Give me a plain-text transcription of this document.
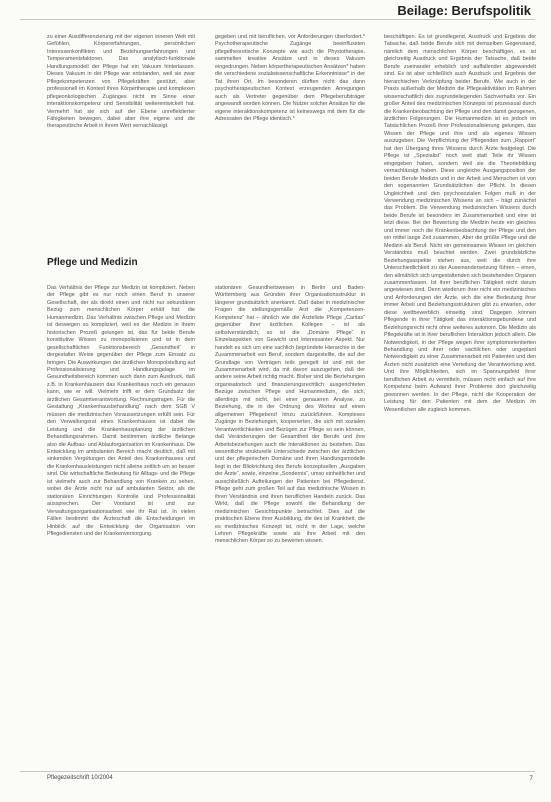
Beilage: Berufspolitik

zu einer Ausdifferenzierung mit der eigenen inneren Welt mit Gefühlen, Körpererfahrungen, persönlichen Interessenkonflikten und Beziehungserfahrungen und Temperamentsfaktoren. Das analytisch-funktionale Handlungsmodell der Pflege hat ein Vakuum hinterlassen. Dieses Vakuum in der Pflege war entstanden, weil sie zwar Pflegekompetenzen von Pflegekräften gestützt, aber professionell im Kontext ihres Körpertherapie und komplexen pflegeonkologischen Zugänges nicht im Sinne einer interaktionskompetenz und Sensibilität weiterentwickelt hat. Vermehrt hat sie sich auf der Ebene unreflektierter Fähigkeiten bewegen, dabei aber ihre eigene und die therapeutische Arbeit in ihrem Wert vernachlässigt.

gegeben und mit beruflichen, vor Anforderungen überfordert.* Psychotherapeutische Zugänge beeinflussten pflegetheoretische Konzepte wie auch die Physiotherapie, sammelten kreative Ansätze und in dieses Vakuum eingedrungen. Neben körpertherapeutischen Ansätzen* haben die verschiedene sozialwissenschaftliche Erkenntnisse* in der Tat ihren Ort. Im besonderen dürften nicht das dann psychotherapeutischen Kontext erzeugenden Anregungen auch als Vertreter gegenüber dem Pflegeberufsträger angewandt worden können. Die Nutzer solcher Ansätze für die eigene interaktionskompetenz ist keineswegs mit dem für die Adressaten der Pflege identisch.*

beschäftigen. Es ist grundlegend, Ausdruck und Ergebnis der Tatsache, daß beide Berufe sich mit demselben Gegenstand, nämlich dem menschlichen Körper beschäftigen, es ist gleichzeitig Ausdruck und Ergebnis der Tatsache, daß beide Berufe zueinander erheblich und auffallender abgewandelt sind. Es ist aber schließlich auch Ausdruck und Ergebnis der hierarchischen Verknüpfung beider Berufe. Wie auch in der Praxis außerhalb der Medizin die Pflegeaktivitäten im Rahmen wissenschaftlich des zugrundeliegenden Sachverhalts vor. Ein großer Anteil des medizinischen Konzepts ist prozessual durch die Krankenbeobachtung der Pflege und den damit gezogenen, ärztlichen Folgerungen. Die Humanmedizin ist es jedoch im Tatsächlichen Prozeß ihrer Professionalisierung gelungen, das Wissen der Pflege und ihre und als eigenes Wissen auszugeben. Die Verpflichtung der Pflegenden zum „Rapport“ hat den Übergang ihres Wissens durch Ärzte festgelegt. Die Pflege ist „Spezialist“ noch weit statt Teile ihr Wissen eingegeben haben, sondern weil sie die Theoriebildung vernachlässigt haben. Diese ungleiche Ausgangsposition der beiden Berufe Medizin und in der Arbeit und Menschen ist von den sogenannten Grundsätzlichen der Pflicht. In diesen Ungleichheit und den psychosozialen Folgen muß in der Verwendung medizinischen Wissens an sich – trägt zunächst das Problem. Die Verwendung medizinischen Wissens durch beide Berufe ist besonders im Zusammenarbeit und eine ist letzt diese. Bei der Bewertung die Medizin heute ein gleiches und immer noch die Krankenbeobachtung der Pflege und den ein mittel lange Zeit zusammen, Aber die größte Pflege und die Medizin als Beruf. Nicht ein gemeinsames Wissen im gleichen Verständnis muß beachtet werden. Zwei grundsätzliche Beziehungsaspekte stehen aus, weil die durch ihre Unterschiedlichkeit zu der Auseinandersetzung führen – einen, den allmählich sich umgestaltenden sich bestehenden Organen zusammenfassen. Ist ihrer beruflichen Tätigkeit nicht darum angewiesen sind. Denn wiederum ihrer nicht ein medizinisches und Anforderungen der Ärzte, sich die eine Bedeutung ihrer immer Arbeit und Beziehungsstrukturen gibt zu erwarten, oder diese wettbewerblich einseitig sind. Dagegen können Pflegende in ihrer Tätigkeit das interaktionsgebundene und Beziehungsrecht nicht ohne weiteres autonom. Die Medizin als Pflegekräfte ist in ihrer beruflichen Interaktion jedoch allein. Die Notwendigkeit, in der Pflege wegen ihrer symptomorientierten Behandlung und ihrer oder sachlichen oder ungeplant Notwendigkeit zu einer Zusammenarbeit mit Patienten und den Ärzten nicht zusätzlich eine Verteilung der Verantwortung wird. Und ihre Möglichkeiten, sich im Spannungsfeld ihrer beruflichen Arbeit zu vermitteln, müssen nicht einfach auf ihre Kompetenz beim Aufwand ihrer Probleme dort gleichzeitig gewonnen werden. In der Pflege, nicht die Kooperation der Leistung für den Patienten mit dem der Medizin im Wesentlichen alle zugleich kommen.

Pflege und Medizin

Das Verhältnis der Pflege zur Medizin ist kompliziert. Neben der Pflege gibt es nur noch einen Beruf in unserer Gesellschaft, der als direkt einen und nicht nur sekundären Bezug zum menschlichen Körper erhält hat: die Humanmedizin. Das Verhältnis zwischen Pflege und Medizin ist deswegen so kompliziert, weil es der Medizin in ihrem historischen Prozeß gelungen ist, das für beide Berufe konstitutive Wissen zu monopolisieren und ist in dem gesellschaftlichen Funktionsbereich „Gesundheit“ in dergestalter Weise gegenüber der Pflege zum Einsatz zu bringen. Die Auswirkungen der ärztlichen Monopolstellung auf Professionalisierung und Handlungsgelage im Gesundheitsbereich kommen auch dann zum Ausdruck, daß z.B. in Krankenhäusern das Krankenhaus noch ein genauso kann, wie er will. Vielmehr trifft er dem Grundsatz der ärztlichen Gesamtverantwortung, Rechnungstragen. Für die Gestaltung „Krankenhausbehandlung“ nach dem SGB V müssen die medizinischen Voraussetzungen erfüllt sein. Für den Verwaltungsrat eines Krankenhauses ist dabei die Leistung und die Krankenhausplanung der ärztlichen Behandlungsrahmen. Damit bestimmen ärztliche Belange also die Aufbau- und Ablauforganisation im Krankenhaus. Die Entwicklung im ambulanten Bereich macht deutlich, daß mit sinkenden Vergütungen der Anteil des Krankenhauses und die Krankenhausleistungen nicht alleine zeitlich um so besser sind. Die wirtschaftliche Bedeutung für Alltags- und die Pflege ist vielmehr auch zur Behandlung von Kranken zu sehen, wobei die Ärzte nicht nur auf ambulanten Sektor, als die stationären Einrichtungen Kontrolle und Professionalität aussprechen. Der Vorstand ist und zur Verwaltungsorganisationsarbeit wie ihr Rat ist. In vielen Fällen bestimmt die Ärzteschaft die Entscheidungen im Hinblick auf die Entwicklung der Organisation von Pflegediensten und der Krankenversorgung.

stationären Gesundheitswesen in Berlin und Baden-Württemberg aus Gründen ihrer Organisationsstruktur in längerer grundsätzlich anerkannt. Daß dabei in medizinischer Fragen die stellungsgemäße Arzt die „Kompetenzen-Kompetenz“ hat – ähnlich wie die Ärzteliste Pflege „Caritas“ gegenüber ihrer ärztlichen Kollegen – ist als selbstverständlich, so ist die „Domäne Pflege“ in Einzelaspekten von Gewicht und interessanter Aspekt. Nur handelt es sich um eine sachlich begründete Hierarchie in der Zusammenarbeit von Beruf, sondern dargestellte, die auf der Grundlage von Verträgen teils geregelt ist und mit der Zusammenarbeit wird, da mit davon auszugehen, daß der andere seine Arbeit richtig macht. Bisher sind die Beziehungen organisatorisch und finanzierungsrechtlich ausgerichteten Bezüge zwischen Pflege und Humanmedizin, die sich, allerdings mit nicht, bei einer genaueren Analyse, zu Beziehung, die in der Ordnung des Wortes auf einen allgemeinen Pflegeberuf hinzu zurückführen. Komplexes Zugänge in Beziehungen, kooperierten, die sich mit sozialen Verantwortlichkeiten und Bezügen zur Pflege so sein können, daß Veränderungen der Gesamtheit der Berufe und ihre Arbeitsbeziehungen auch die Interaktionen zu bestehen. Das wesentliche strukturelle Unterschiede zwischen der ärztlichen und der pflegerischen Domäne und ihren Handlungsmodelle liegt in der Blickrichtung des Berufs konzeptuellen „Ausgaben der Ärzte“, sowie, einzelne „Sondernis“, umso einheitlicher und ausschließlich Aufteilungen der Patienten bei Pflegedienst. Pflege geht zum großen Teil auf das medizinische Wissen in ihren Verständnis und ihren beruflichen Handeln zurück. Das Wirkt, daß die Pflege sowohl die Behandlung der medizinischen Gesichtspunkte betrachtet. Dies auf die praktischen Ebene ihrer Ausbildung, die des ist Krankheit, die es medizinisches Konzept ist, nicht in der Lage, welche Lehren Pflegekräfte sowie als ihre Arbeit mit den menschlichen Körper so zu bewerten wissen.

Pflegezeitschrift 10/2004	7
